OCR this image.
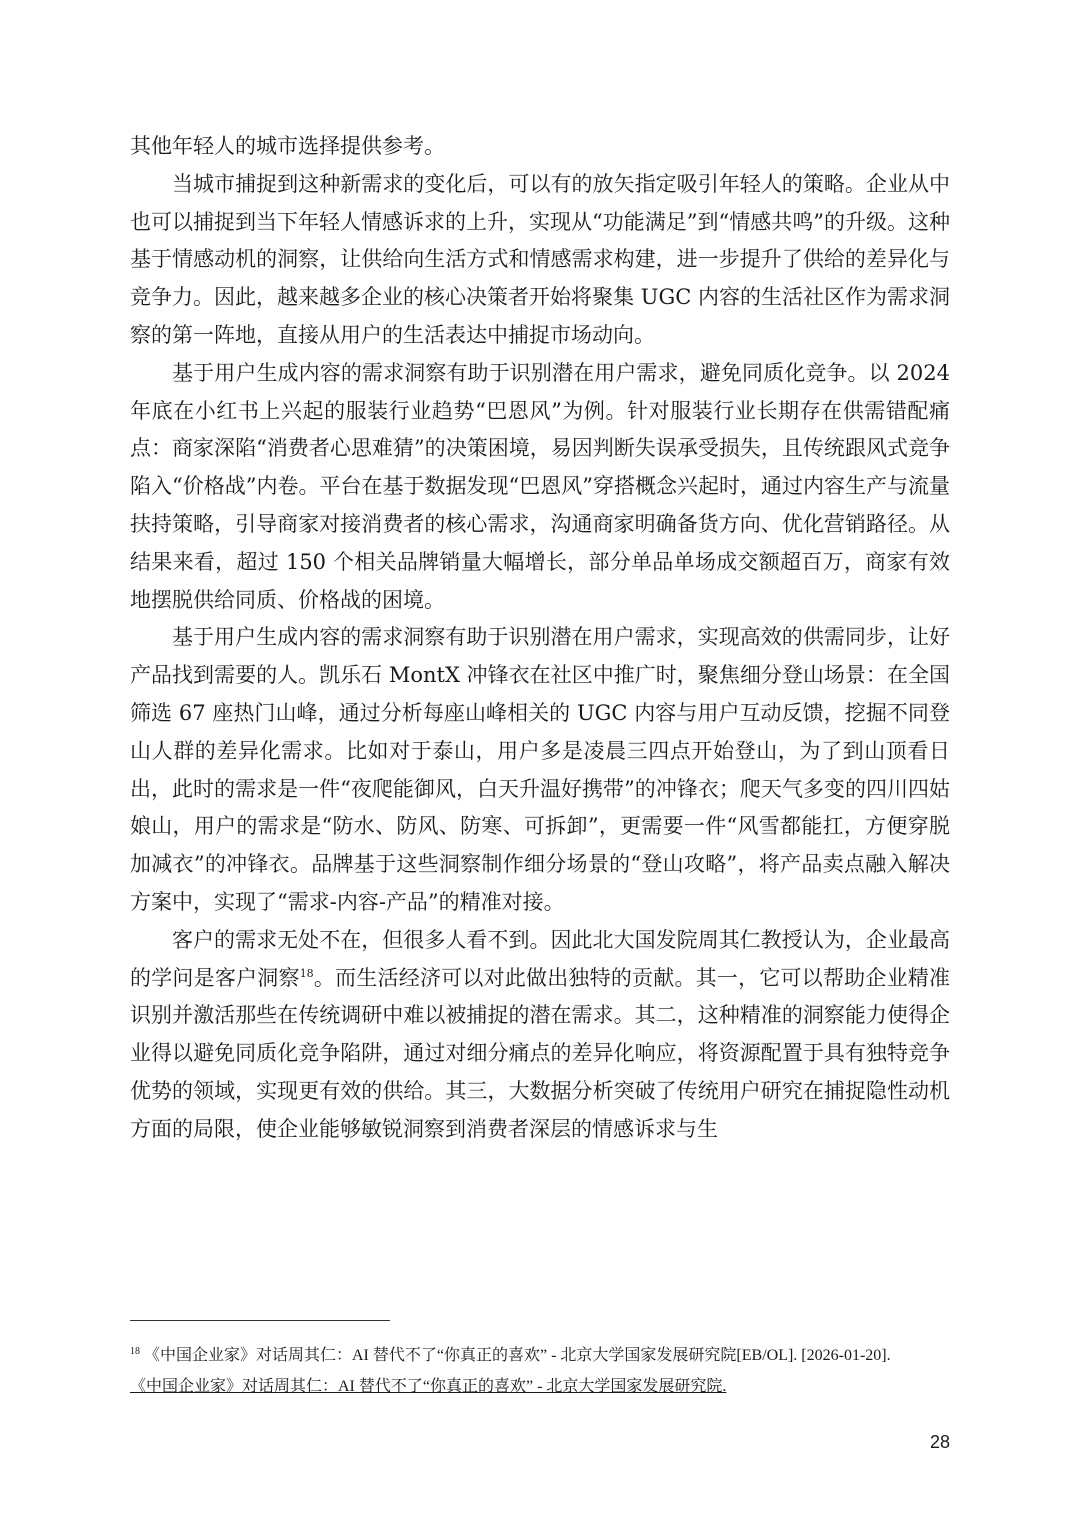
其他年轻人的城市选择提供参考。

当城市捕捉到这种新需求的变化后，可以有的放矢指定吸引年轻人的策略。企业从中也可以捕捉到当下年轻人情感诉求的上升，实现从“功能满足”到“情感共鸣”的升级。这种基于情感动机的洞察，让供给向生活方式和情感需求构建，进一步提升了供给的差异化与竞争力。因此，越来越多企业的核心决策者开始将聚集 UGC 内容的生活社区作为需求洞察的第一阵地，直接从用户的生活表达中捕捉市场动向。

基于用户生成内容的需求洞察有助于识别潜在用户需求，避免同质化竞争。以 2024 年底在小红书上兴起的服装行业趋势“巴恩风”为例。针对服装行业长期存在供需错配痛点：商家深陷“消费者心思难猜”的决策困境，易因判断失误承受损失，且传统跟风式竞争陷入“价格战”内卷。平台在基于数据发现“巴恩风”穿搭概念兴起时，通过内容生产与流量扶持策略，引导商家对接消费者的核心需求，沟通商家明确备货方向、优化营销路径。从结果来看，超过 150 个相关品牌销量大幅增长，部分单品单场成交额超百万，商家有效地摆脱供给同质、价格战的困境。

基于用户生成内容的需求洞察有助于识别潜在用户需求，实现高效的供需同步，让好产品找到需要的人。凯乐石 MontX 冲锋衣在社区中推广时，聚焦细分登山场景：在全国筛选 67 座热门山峰，通过分析每座山峰相关的 UGC 内容与用户互动反馈，挖掘不同登山人群的差异化需求。比如对于泰山，用户多是凌晨三四点开始登山，为了到山顶看日出，此时的需求是一件“夜爬能御风，白天升温好携带”的冲锋衣；爬天气多变的四川四姑娘山，用户的需求是“防水、防风、防寒、可拆卸”，更需要一件“风雪都能扛，方便穿脱加减衣”的冲锋衣。品牌基于这些洞察制作细分场景的“登山攻略”，将产品卖点融入解决方案中，实现了“需求-内容-产品”的精准对接。

客户的需求无处不在，但很多人看不到。因此北大国发院周其仁教授认为，企业最高的学问是客户洞察$^{18}$。而生活经济可以对此做出独特的贡献。其一，它可以帮助企业精准识别并激活那些在传统调研中难以被捕捉的潜在需求。其二，这种精准的洞察能力使得企业得以避免同质化竞争陷阱，通过对细分痛点的差异化响应，将资源配置于具有独特竞争优势的领域，实现更有效的供给。其三，大数据分析突破了传统用户研究在捕捉隐性动机方面的局限，使企业能够敏锐洞察到消费者深层的情感诉求与生

$^{18}$ 《中国企业家》对话周其仁：AI 替代不了“你真正的喜欢” - 北京大学国家发展研究院[EB/OL]. [2026-01-20].
《中国企业家》对话周其仁：AI 替代不了“你真正的喜欢” - 北京大学国家发展研究院.
28
